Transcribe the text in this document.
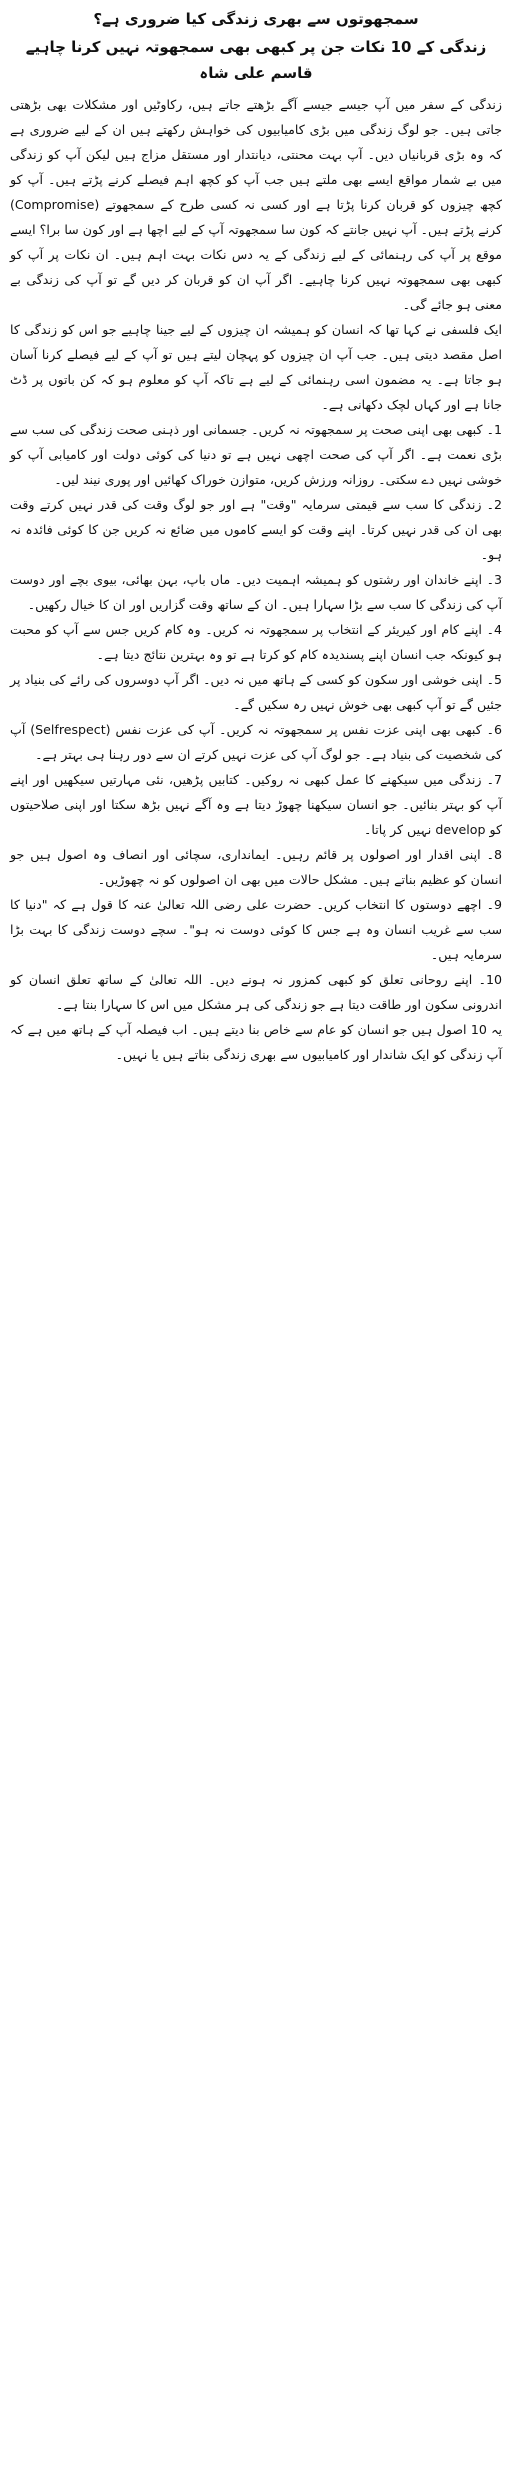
سمجھوتوں سے بھری زندگی کیا ضروری ہے؟
زندگی کے 10 نکات جن پر کبھی بھی سمجھوتہ نہیں کرنا چاہیے
قاسم علی شاہ

زندگی کے سفر میں آپ جیسے جیسے آگے بڑھتے جاتے ہیں، رکاوٹیں اور مشکلات بھی بڑھتی جاتی ہیں۔ جو لوگ زندگی میں بڑی کامیابیوں کی خواہش رکھتے ہیں ان کے لیے ضروری ہے کہ وہ بڑی قربانیاں دیں۔ آپ بہت محنتی، دیانتدار اور مستقل مزاج ہیں لیکن آپ کو زندگی میں بے شمار مواقع ایسے بھی ملتے ہیں جب آپ کو کچھ اہم فیصلے کرنے پڑتے ہیں۔ آپ کو کچھ چیزوں کو قربان کرنا پڑتا ہے اور کسی نہ کسی طرح کے سمجھوتے (Compromise) کرنے پڑتے ہیں۔ آپ نہیں جانتے کہ کون سا سمجھوتہ آپ کے لیے اچھا ہے اور کون سا برا؟ ایسے موقع پر آپ کی رہنمائی کے لیے زندگی کے یہ دس نکات بہت اہم ہیں۔ ان نکات پر آپ کو کبھی بھی سمجھوتہ نہیں کرنا چاہیے۔ اگر آپ ان کو قربان کر دیں گے تو آپ کی زندگی بے معنی ہو جائے گی۔

ایک فلسفی نے کہا تھا کہ انسان کو ہمیشہ ان چیزوں کے لیے جینا چاہیے جو اس کو زندگی کا اصل مقصد دیتی ہیں۔ جب آپ ان چیزوں کو پہچان لیتے ہیں تو آپ کے لیے فیصلے کرنا آسان ہو جاتا ہے۔ یہ مضمون اسی رہنمائی کے لیے ہے تاکہ آپ کو معلوم ہو کہ کن باتوں پر ڈٹ جانا ہے اور کہاں لچک دکھانی ہے۔

1۔ کبھی بھی اپنی صحت پر سمجھوتہ نہ کریں۔ جسمانی اور ذہنی صحت زندگی کی سب سے بڑی نعمت ہے۔ اگر آپ کی صحت اچھی نہیں ہے تو دنیا کی کوئی دولت اور کامیابی آپ کو خوشی نہیں دے سکتی۔ روزانہ ورزش کریں، متوازن خوراک کھائیں اور پوری نیند لیں۔

2۔ زندگی کا سب سے قیمتی سرمایہ "وقت" ہے اور جو لوگ وقت کی قدر نہیں کرتے وقت بھی ان کی قدر نہیں کرتا۔ اپنے وقت کو ایسے کاموں میں ضائع نہ کریں جن کا کوئی فائدہ نہ ہو۔

3۔ اپنے خاندان اور رشتوں کو ہمیشہ اہمیت دیں۔ ماں باپ، بہن بھائی، بیوی بچے اور دوست آپ کی زندگی کا سب سے بڑا سہارا ہیں۔ ان کے ساتھ وقت گزاریں اور ان کا خیال رکھیں۔

4۔ اپنے کام اور کیریئر کے انتخاب پر سمجھوتہ نہ کریں۔ وہ کام کریں جس سے آپ کو محبت ہو کیونکہ جب انسان اپنے پسندیدہ کام کو کرتا ہے تو وہ بہترین نتائج دیتا ہے۔

5۔ اپنی خوشی اور سکون کو کسی کے ہاتھ میں نہ دیں۔ اگر آپ دوسروں کی رائے کی بنیاد پر جئیں گے تو آپ کبھی بھی خوش نہیں رہ سکیں گے۔

6۔ کبھی بھی اپنی عزت نفس پر سمجھوتہ نہ کریں۔ آپ کی عزت نفس (Selfrespect) آپ کی شخصیت کی بنیاد ہے۔ جو لوگ آپ کی عزت نہیں کرتے ان سے دور رہنا ہی بہتر ہے۔

7۔ زندگی میں سیکھنے کا عمل کبھی نہ روکیں۔ کتابیں پڑھیں، نئی مہارتیں سیکھیں اور اپنے آپ کو بہتر بنائیں۔ جو انسان سیکھنا چھوڑ دیتا ہے وہ آگے نہیں بڑھ سکتا اور اپنی صلاحیتوں کو develop نہیں کر پاتا۔

8۔ اپنی اقدار اور اصولوں پر قائم رہیں۔ ایمانداری، سچائی اور انصاف وہ اصول ہیں جو انسان کو عظیم بناتے ہیں۔ مشکل حالات میں بھی ان اصولوں کو نہ چھوڑیں۔

9۔ اچھے دوستوں کا انتخاب کریں۔ حضرت علی رضی اللہ تعالیٰ عنہ کا قول ہے کہ "دنیا کا سب سے غریب انسان وہ ہے جس کا کوئی دوست نہ ہو"۔ سچے دوست زندگی کا بہت بڑا سرمایہ ہیں۔

10۔ اپنے روحانی تعلق کو کبھی کمزور نہ ہونے دیں۔ اللہ تعالیٰ کے ساتھ تعلق انسان کو اندرونی سکون اور طاقت دیتا ہے جو زندگی کی ہر مشکل میں اس کا سہارا بنتا ہے۔

یہ 10 اصول ہیں جو انسان کو عام سے خاص بنا دیتے ہیں۔ اب فیصلہ آپ کے ہاتھ میں ہے کہ آپ زندگی کو ایک شاندار اور کامیابیوں سے بھری زندگی بناتے ہیں یا نہیں۔
